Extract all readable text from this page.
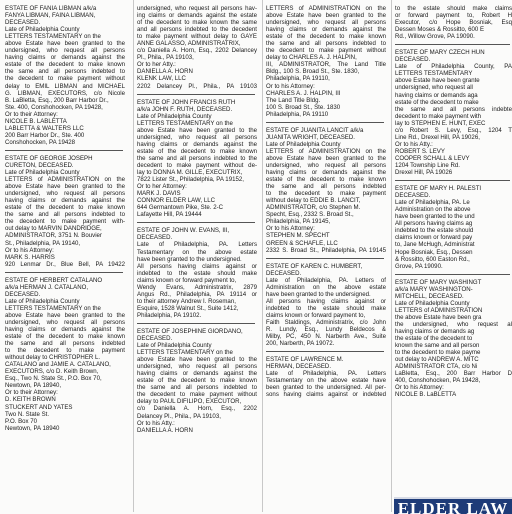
ESTATE OF FANIA LIBMAN a/k/a
FANYA LIBMAN, FAINA LIBMAN,
DECEASED.
Late of Philadelphia County
LETTERS TESTAMENTARY on the
above Estate have been granted to the
undersigned, who request all persons
having claims or demands against the
estate of the decedent to make known
the same and all persons indebted to
the decedent to make payment without
delay to EMIL LIBMAN and MICHAEL
G. LIBMAN, EXECUTORS, c/o Nicole
B. LaBletta, Esq., 200 Barr Harbor Dr.,
Ste. 400, Conshohocken, PA 19428,
Or to their Attorney:
NICOLE B. LABLETTA
LABLETTA & WALTERS LLC
200 Barr Harbor Dr., Ste. 400
Conshohocken, PA 19428
ESTATE OF GEORGE JOSEPH
CURETON, DECEASED.
Late of Philadelphia County
LETTERS of ADMINISTRATION on the
above Estate have been granted to the
undersigned, who request all persons
having claims or demands against the
estate of the decedent to make known
the same and all persons indebted to
the decedent to make payment with-
out delay to MARVIN DANDRIDGE,
ADMINISTRATOR, 3751 N. Bouvier
St., Philadelphia, PA 19140,
Or to his Attorney:
MARK S. HARRIS
920 Lenmar Dr., Blue Bell, PA 19422
ESTATE OF HERBERT CATALANO
a/k/a HERMAN J. CATALANO,
DECEASED.
Late of Philadelphia County
LETTERS TESTAMENTARY on the
above Estate have been granted to the
undersigned, who request all persons
having claims or demands against the
estate of the decedent to make known
the same and all persons indebted
to the decedent to make payment
without delay to CHRISTOPHER L.
CATALANO and JAMIE A. CATALANO,
EXECUTORS, c/o D. Keith Brown,
Esq., Two N. State St., P.O. Box 70,
Newtown, PA 18940,
Or to their Attorney:
D. KEITH BROWN
STUCKERT AND YATES
Two N. State St.
P.O. Box 70
Newtown, PA 18940
undersigned, who request all persons hav-
ing claims or demands against the estate
of the decedent to make known the same
and all persons indebted to the decedent
to make payment without delay to GAYE
ANNE GALASSO, ADMINISTRATRIX,
c/o Daniella A. Horn, Esq., 2202 Delancey
Pl., Phila., PA 19103,
Or to her Atty.:
DANIELLA A. HORN
KLENK LAW, LLC
2202 Delancey Pl., Phila., PA 19103
ESTATE OF JOHN FRANCIS RUTH
a/k/a JOHN F. RUTH, DECEASED.
Late of Philadelphia County
LETTERS TESTAMENTARY on the
above Estate have been granted to the
undersigned, who request all persons
having claims or demands against the
estate of the decedent to make known
the same and all persons indebted to the
decedent to make payment without de-
lay to DONNA M. GILLE, EXECUTRIX,
7822 Lister St., Philadelphia, PA 19152,
Or to her Attorney:
MARK J. DAVIS
CONNOR ELDER LAW, LLC
644 Germantown Pike, Ste. 2-C
Lafayette Hill, PA 19444
ESTATE OF JOHN W. EVANS, III,
DECEASED.
Late of Philadelphia, PA. Letters
Testamentary on the above estate
have been granted to the undersigned.
All persons having claims against or
indebted to the estate should make
claims known or forward payment to,
Wendy Evans, Administratrix, 2879
Angus Rd., Philadelphia, PA 19114 or
to their attorney Andrew I. Roseman,
Esquire, 1528 Walnut St., Suite 1412,
Philadelphia, PA 19102.
ESTATE OF JOSEPHINE GIORDANO,
DECEASED.
Late of Philadelphia County
LETTERS TESTAMENTARY on the
above Estate have been granted to the
undersigned, who request all persons
having claims or demands against the
estate of the decedent to make known
the same and all persons indebted to
the decedent to make payment without
delay to PAUL DIFILIPO, EXECUTOR,
c/o Daniella A. Horn, Esq., 2202
Delancey Pl., Phila., PA 19103,
Or to his Atty.:
DANIELLA A. HORN
LETTERS of ADMINISTRATION on the
above Estate have been granted to the
undersigned, who request all persons
having claims or demands against the
estate of the decedent to make known
the same and all persons indebted to
the decedent to make payment without
delay to CHARLES A. J. HALPIN,
III, ADMINISTRATOR, The Land Title
Bldg., 100 S. Broad St., Ste. 1830,
Philadelphia, PA 19110,
Or to his Attorney:
CHARLES A. J. HALPIN, III
The Land Title Bldg.
100 S. Broad St., Ste. 1830
Philadelphia, PA 19110
ESTATE OF JUANITA LANCIT a/k/a
JUANITA WRIGHT, DECEASED.
Late of Philadelphia County
LETTERS of ADMINISTRATION on the
above Estate have been granted to the
undersigned, who request all persons
having claims or demands against the
estate of the decedent to make known
the same and all persons indebted
to the decedent to make payment
without delay to EDDIE B. LANCIT,
ADMINISTRATOR, c/o Stephen M.
Specht, Esq., 2332 S. Broad St.,
Philadelphia, PA 19145,
Or to his Attorney:
STEPHEN M. SPECHT
GREEN & SCHAFLE, LLC
2332 S. Broad St., Philadelphia, PA 19145
ESTATE OF KAREN C. HUMBERT,
DECEASED.
Late of Philadelphia, PA. Letters of
Administration on the above estate
have been granted to the undersigned.
All persons having claims against or
indebted to the estate should make
claims known or forward payment to,
Faith Staldings, Administratrix, c/o John
R. Lundy, Esq., Lundy Beldecos &
Milby, PC, 450 N. Narberth Ave., Suite
200, Narberth, PA 19072.
ESTATE OF LAWRENCE M.
HERMAN, DECEASED.
Late of Philadelphia, PA. Letters
Testamentary on the above estate have
been granted to the undersigned. All per-
sons having claims against or indebted
to the estate should make claims
or forward payment to, Robert H
Executor, c/o Hope Bosniak, Esq
Dessen Moses & Rossitto, 600 E
Rd., Willow Grove, PA 19090.
ESTATE OF MARY CZECH HUN
DECEASED.
Late of Philadelphia County, PA
LETTERS TESTAMENTARY
above Estate have been grante
undersigned, who request all
having claims or demands aga
estate of the decedent to make
the same and all persons indebte
decedent to make payment with
lay to STEPHEN E. HUNT, EXEC
c/o Robert S. Levy, Esq., 1204 T
Line Rd., Drexel Hill, PA 19026,
Or to his Atty.:
ROBERT S. LEVY
COOPER SCHALL & LEVY
1204 Township Line Rd.
Drexel Hill, PA 19026
ESTATE OF MARY H. PALESTI
DECEASED.
Late of Philadelphia, PA. Le
Administration on the above
have been granted to the und
All persons having claims ag
indebted to the estate should
claims known or forward pay
to, Jane McHugh, Administrat
Hope Bosniak, Esq., Dessen
& Rossitto, 600 Easton Rd.,
Grove, PA 19090.
ESTATE OF MARY WASHINGT
a/k/a MARY WASHINGTON-
MITCHELL, DECEASED.
Late of Philadelphia County
LETTERS of ADMINISTRATION
the above Estate have been gra
the undersigned, who request al
having claims or demands ag
the estate of the decedent to
known the same and all person
to the decedent to make payme
out delay to ANDREW A. MITC
ADMINISTRATOR CTA, c/o Ni
LaBletta, Esq., 200 Barr Harbor D
400, Conshohocken, PA 19428,
Or to his Attorney:
NICOLE B. LaBLETTA
ELDER LAW
